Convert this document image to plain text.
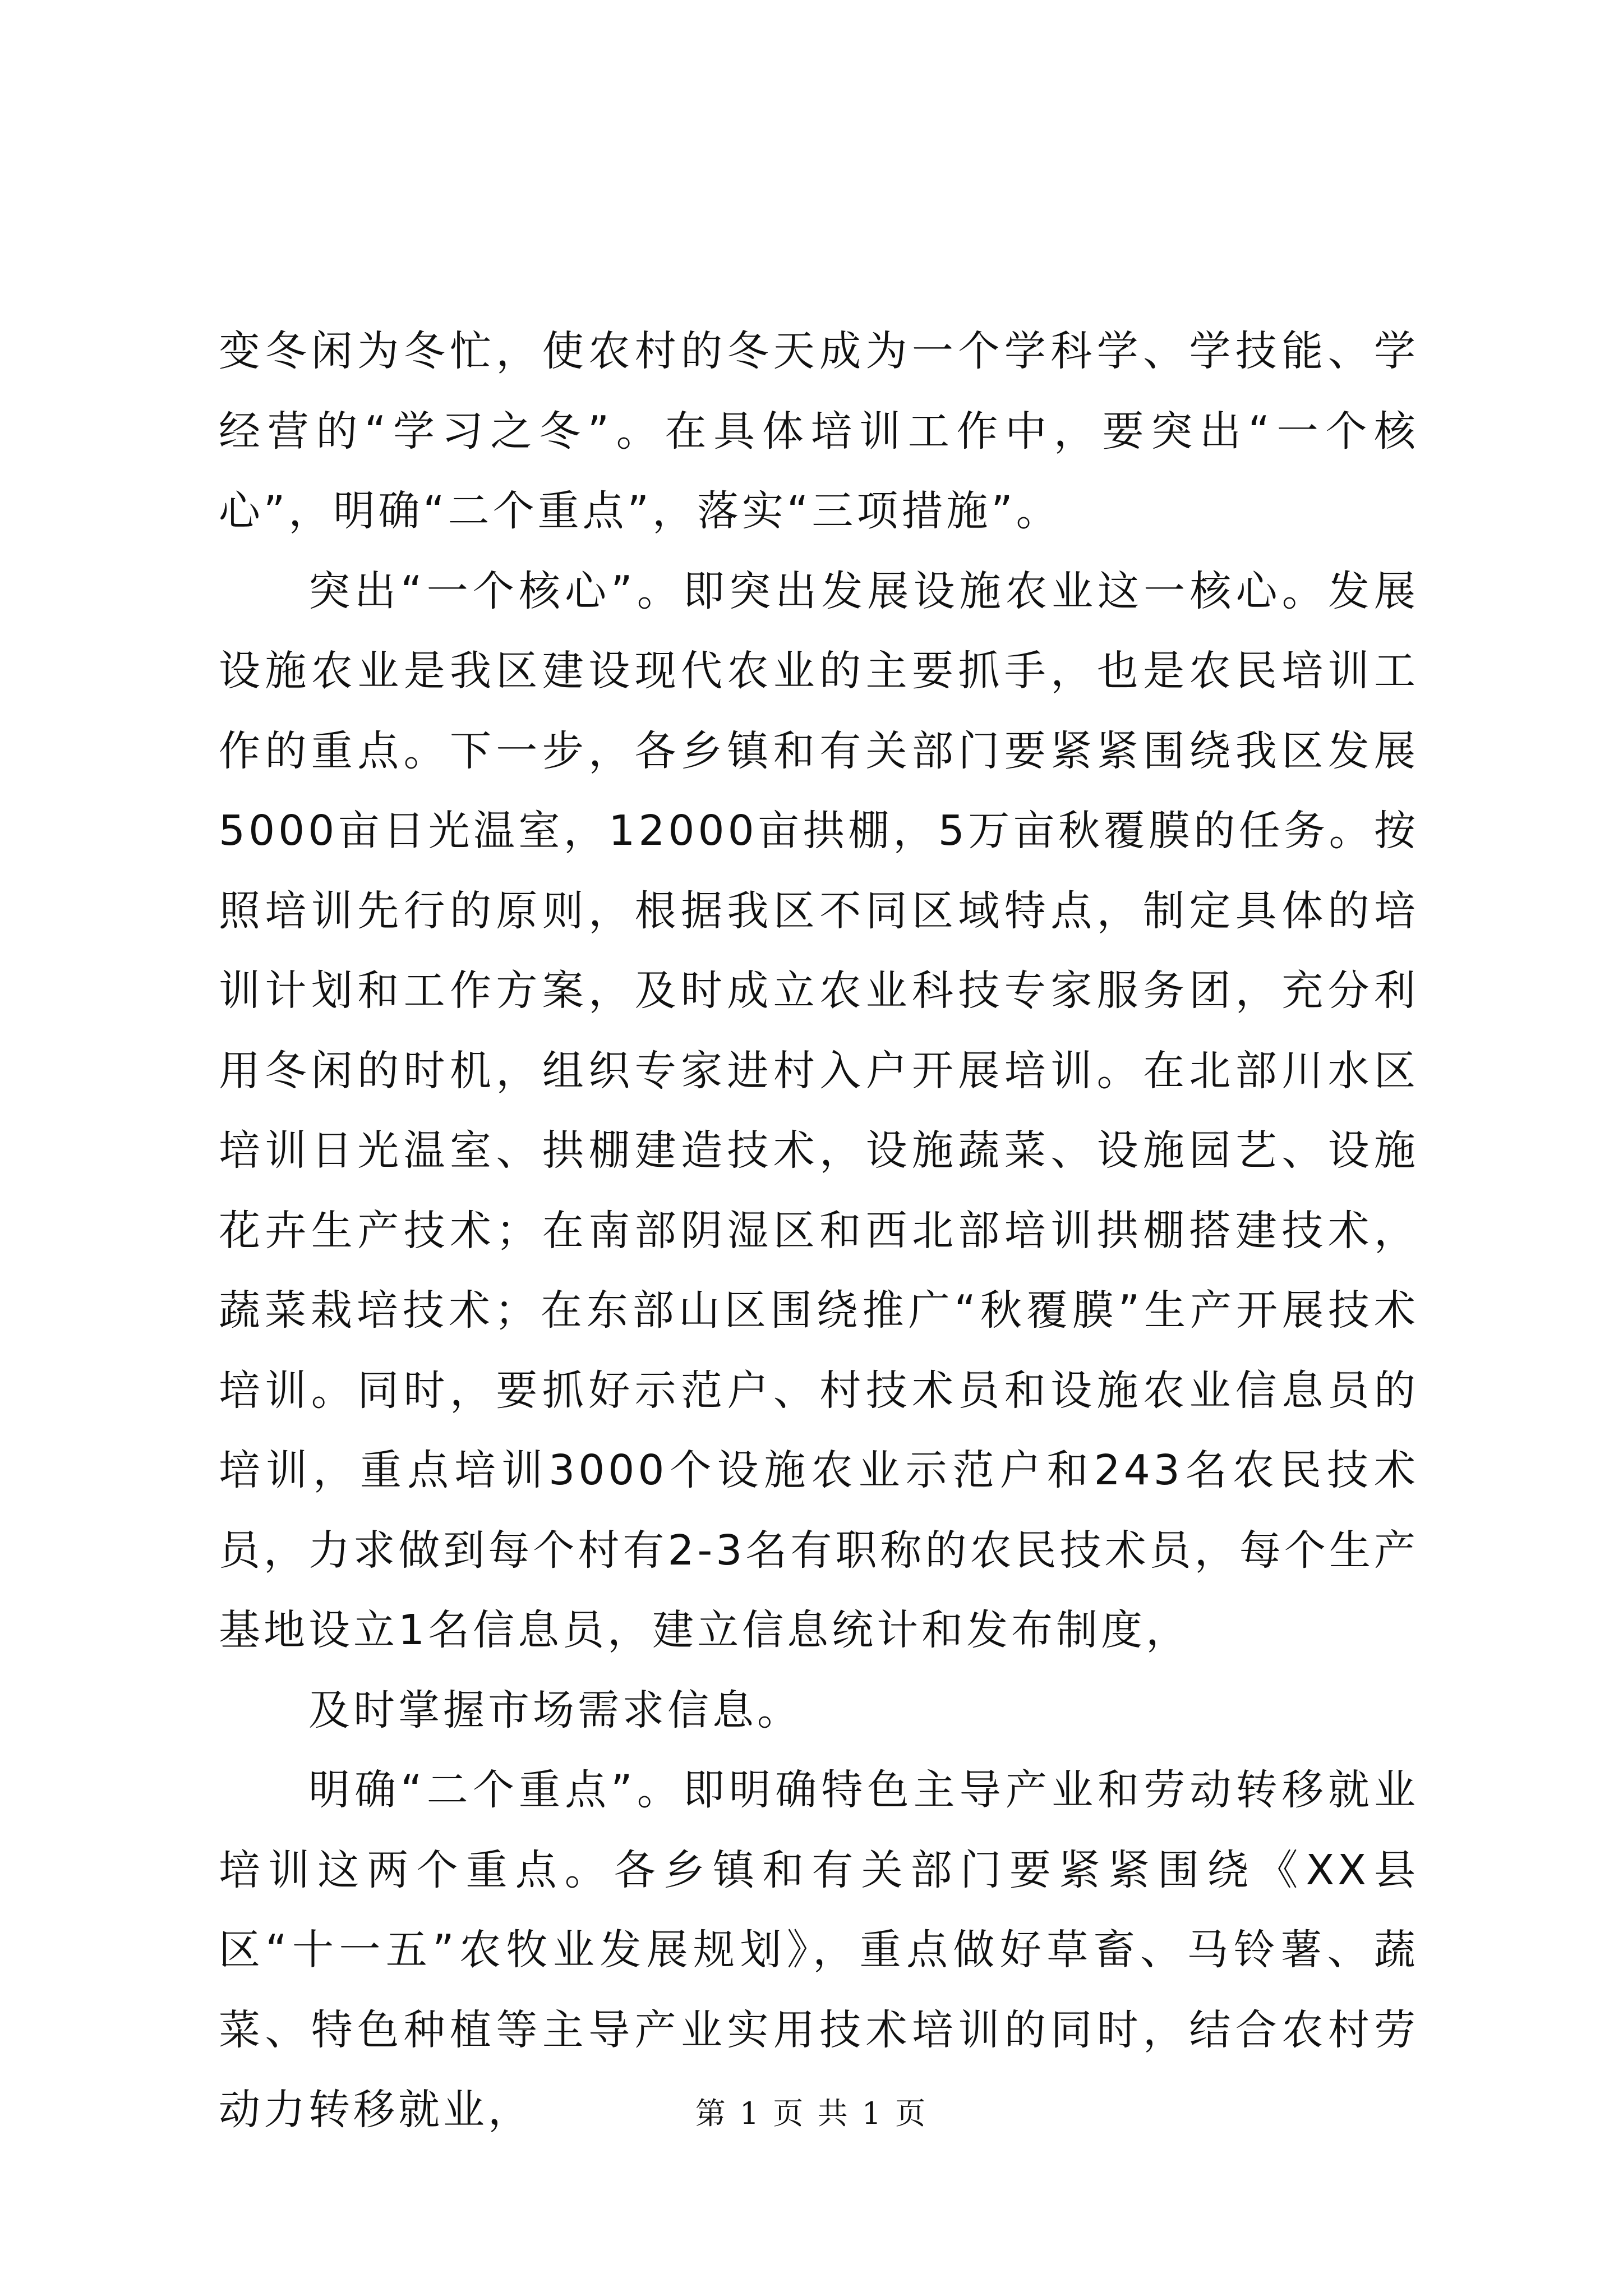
变冬闲为冬忙，使农村的冬天成为一个学科学、学技能、学经营的“学习之冬”。在具体培训工作中，要突出“一个核心”，明确“二个重点”，落实“三项措施”。

突出“一个核心”。即突出发展设施农业这一核心。发展设施农业是我区建设现代农业的主要抓手，也是农民培训工作的重点。下一步，各乡镇和有关部门要紧紧围绕我区发展5000亩日光温室，12000亩拱棚，5万亩秋覆膜的任务。按照培训先行的原则，根据我区不同区域特点，制定具体的培训计划和工作方案，及时成立农业科技专家服务团，充分利用冬闲的时机，组织专家进村入户开展培训。在北部川水区培训日光温室、拱棚建造技术，设施蔬菜、设施园艺、设施花卉生产技术；在南部阴湿区和西北部培训拱棚搭建技术，蔬菜栽培技术；在东部山区围绕推广“秋覆膜”生产开展技术培训。同时，要抓好示范户、村技术员和设施农业信息员的培训，重点培训3000个设施农业示范户和243名农民技术员，力求做到每个村有2-3名有职称的农民技术员，每个生产基地设立1名信息员，建立信息统计和发布制度，

及时掌握市场需求信息。

明确“二个重点”。即明确特色主导产业和劳动转移就业培训这两个重点。各乡镇和有关部门要紧紧围绕《XX县区“十一五”农牧业发展规划》，重点做好草畜、马铃薯、蔬菜、特色种植等主导产业实用技术培训的同时，结合农村劳动力转移就业，	第 1 页 共 1 页
